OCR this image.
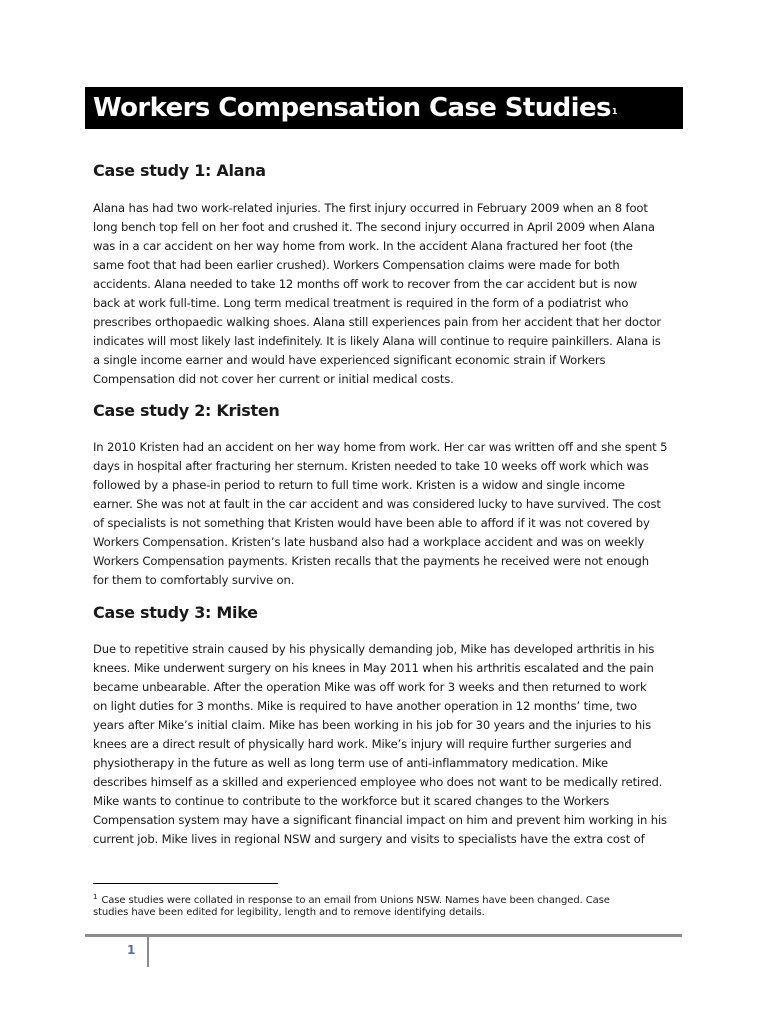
Workers Compensation Case Studies$^1$
Case study 1: Alana
Alana has had two work-related injuries. The first injury occurred in February 2009 when an 8 foot
long bench top fell on her foot and crushed it. The second injury occurred in April 2009 when Alana
was in a car accident on her way home from work. In the accident Alana fractured her foot (the
same foot that had been earlier crushed). Workers Compensation claims were made for both
accidents. Alana needed to take 12 months off work to recover from the car accident but is now
back at work full-time. Long term medical treatment is required in the form of a podiatrist who
prescribes orthopaedic walking shoes. Alana still experiences pain from her accident that her doctor
indicates will most likely last indefinitely. It is likely Alana will continue to require painkillers. Alana is
a single income earner and would have experienced significant economic strain if Workers
Compensation did not cover her current or initial medical costs.
Case study 2: Kristen
In 2010 Kristen had an accident on her way home from work. Her car was written off and she spent 5
days in hospital after fracturing her sternum. Kristen needed to take 10 weeks off work which was
followed by a phase-in period to return to full time work. Kristen is a widow and single income
earner. She was not at fault in the car accident and was considered lucky to have survived. The cost
of specialists is not something that Kristen would have been able to afford if it was not covered by
Workers Compensation. Kristen’s late husband also had a workplace accident and was on weekly
Workers Compensation payments. Kristen recalls that the payments he received were not enough
for them to comfortably survive on.
Case study 3: Mike
Due to repetitive strain caused by his physically demanding job, Mike has developed arthritis in his
knees. Mike underwent surgery on his knees in May 2011 when his arthritis escalated and the pain
became unbearable. After the operation Mike was off work for 3 weeks and then returned to work
on light duties for 3 months. Mike is required to have another operation in 12 months’ time, two
years after Mike’s initial claim. Mike has been working in his job for 30 years and the injuries to his
knees are a direct result of physically hard work. Mike’s injury will require further surgeries and
physiotherapy in the future as well as long term use of anti-inflammatory medication. Mike
describes himself as a skilled and experienced employee who does not want to be medically retired.
Mike wants to continue to contribute to the workforce but it scared changes to the Workers
Compensation system may have a significant financial impact on him and prevent him working in his
current job. Mike lives in regional NSW and surgery and visits to specialists have the extra cost of
$^1$ Case studies were collated in response to an email from Unions NSW. Names have been changed. Case
studies have been edited for legibility, length and to remove identifying details.
1
